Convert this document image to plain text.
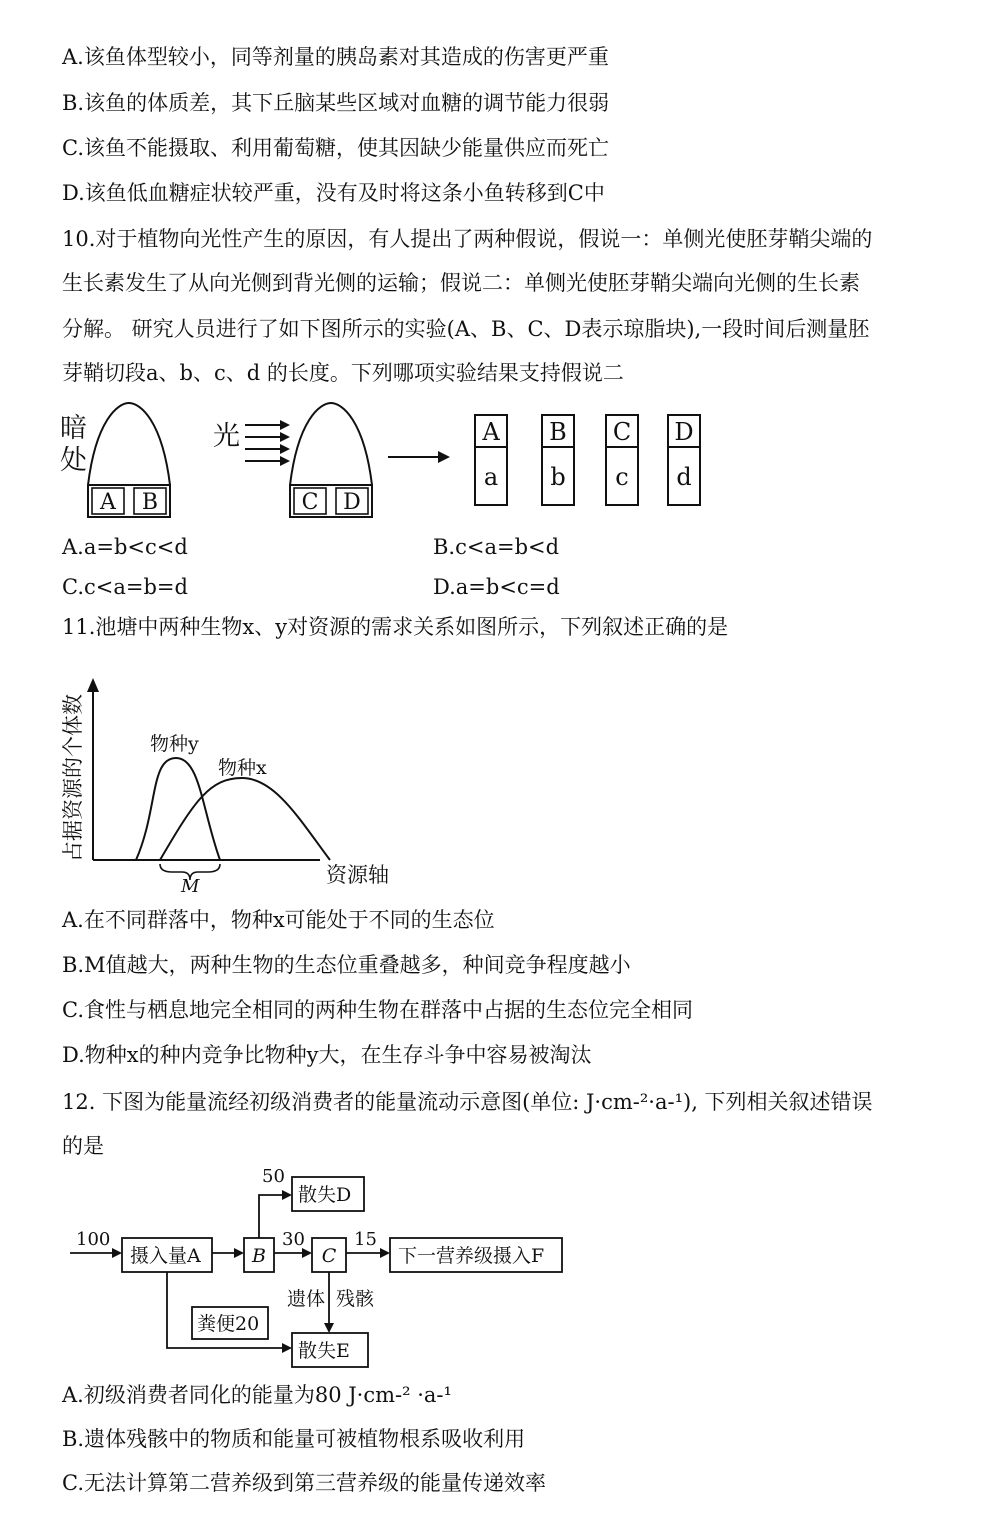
A.该鱼体型较小，同等剂量的胰岛素对其造成的伤害更严重
B.该鱼的体质差，其下丘脑某些区域对血糖的调节能力很弱
C.该鱼不能摄取、利用葡萄糖，使其因缺少能量供应而死亡
D.该鱼低血糖症状较严重，没有及时将这条小鱼转移到C中
10.对于植物向光性产生的原因，有人提出了两种假说，假说一：单侧光使胚芽鞘尖端的
生长素发生了从向光侧到背光侧的运输；假说二：单侧光使胚芽鞘尖端向光侧的生长素
分解。 研究人员进行了如下图所示的实验(A、B、C、D表示琼脂块),一段时间后测量胚
芽鞘切段a、b、c、d 的长度。下列哪项实验结果支持假说二
暗
处
A B
光
C D
A
a
B
b
C
c
D
d
A.a=b<c<d	B.c<a=b<d
C.c<a=b=d	D.a=b<c=d
11.池塘中两种生物x、y对资源的需求关系如图所示，下列叙述正确的是
占据资源的个体数	物种y
物种x
M	资源轴
A.在不同群落中，物种x可能处于不同的生态位
B.M值越大，两种生物的生态位重叠越多，种间竞争程度越小
C.食性与栖息地完全相同的两种生物在群落中占据的生态位完全相同
D.物种x的种内竞争比物种y大，在生存斗争中容易被淘汰
12. 下图为能量流经初级消费者的能量流动示意图(单位: J·cm-²·a-¹), 下列相关叙述错误
的是
100
摄入量A	B
50
散失D
30
C
15
下一营养级摄入F
遗体 残骸
粪便20
散失E
A.初级消费者同化的能量为80 J·cm-² ·a-¹
B.遗体残骸中的物质和能量可被植物根系吸收利用
C.无法计算第二营养级到第三营养级的能量传递效率
